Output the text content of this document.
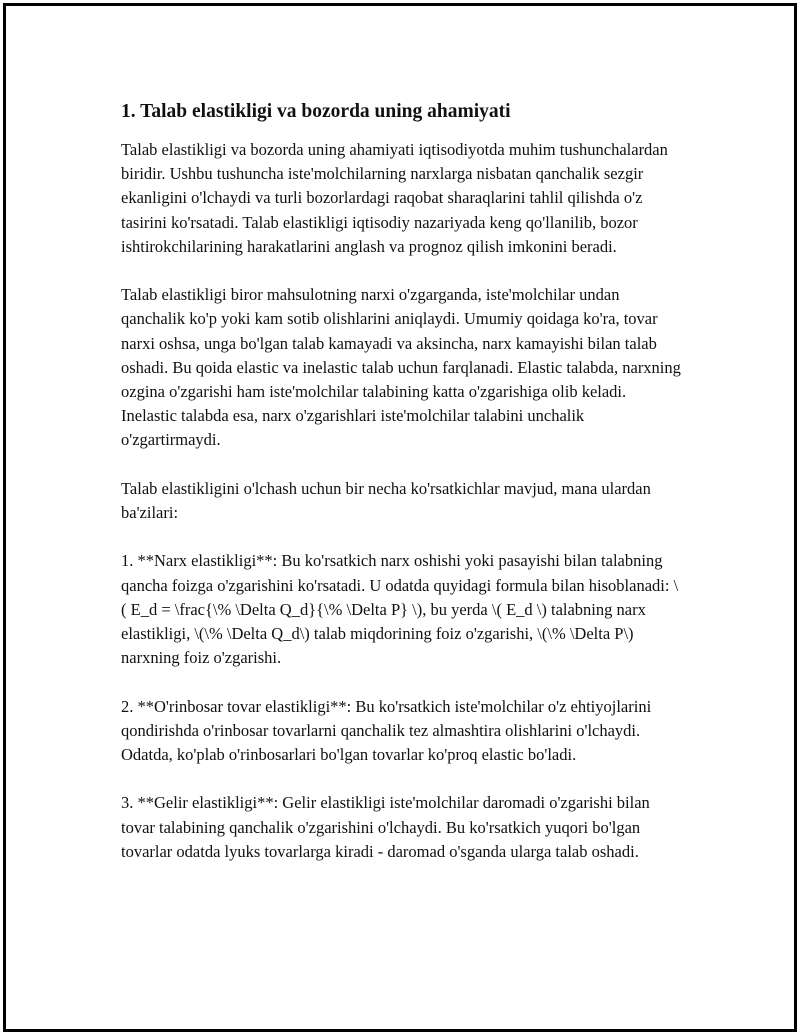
1. Talab elastikligi va bozorda uning ahamiyati

Talab elastikligi va bozorda uning ahamiyati iqtisodiyotda muhim tushunchalardan biridir. Ushbu tushuncha iste'molchilarning narxlarga nisbatan qanchalik sezgir ekanligini o'lchaydi va turli bozorlardagi raqobat sharaqlarini tahlil qilishda o'z tasirini ko'rsatadi. Talab elastikligi iqtisodiy nazariyada keng qo'llanilib, bozor ishtirokchilarining harakatlarini anglash va prognoz qilish imkonini beradi.

Talab elastikligi biror mahsulotning narxi o'zgarganda, iste'molchilar undan qanchalik ko'p yoki kam sotib olishlarini aniqlaydi. Umumiy qoidaga ko'ra, tovar narxi oshsa, unga bo'lgan talab kamayadi va aksincha, narx kamayishi bilan talab oshadi. Bu qoida elastic va inelastic talab uchun farqlanadi. Elastic talabda, narxning ozgina o'zgarishi ham iste'molchilar talabining katta o'zgarishiga olib keladi. Inelastic talabda esa, narx o'zgarishlari iste'molchilar talabini unchalik o'zgartirmaydi.

Talab elastikligini o'lchash uchun bir necha ko'rsatkichlar mavjud, mana ulardan ba'zilari:

1. **Narx elastikligi**: Bu ko'rsatkich narx oshishi yoki pasayishi bilan talabning qancha foizga o'zgarishini ko'rsatadi. U odatda quyidagi formula bilan hisoblanadi: \( E_d = \frac{\% \Delta Q_d}{\% \Delta P} \), bu yerda \( E_d \) talabning narx elastikligi, \(\% \Delta Q_d\) talab miqdorining foiz o'zgarishi, \(\% \Delta P\) narxning foiz o'zgarishi.

2. **O'rinbosar tovar elastikligi**: Bu ko'rsatkich iste'molchilar o'z ehtiyojlarini qondirishda o'rinbosar tovarlarni qanchalik tez almashtira olishlarini o'lchaydi. Odatda, ko'plab o'rinbosarlari bo'lgan tovarlar ko'proq elastic bo'ladi.

3. **Gelir elastikligi**: Gelir elastikligi iste'molchilar daromadi o'zgarishi bilan tovar talabining qanchalik o'zgarishini o'lchaydi. Bu ko'rsatkich yuqori bo'lgan tovarlar odatda lyuks tovarlarga kiradi - daromad o'sganda ularga talab oshadi.
